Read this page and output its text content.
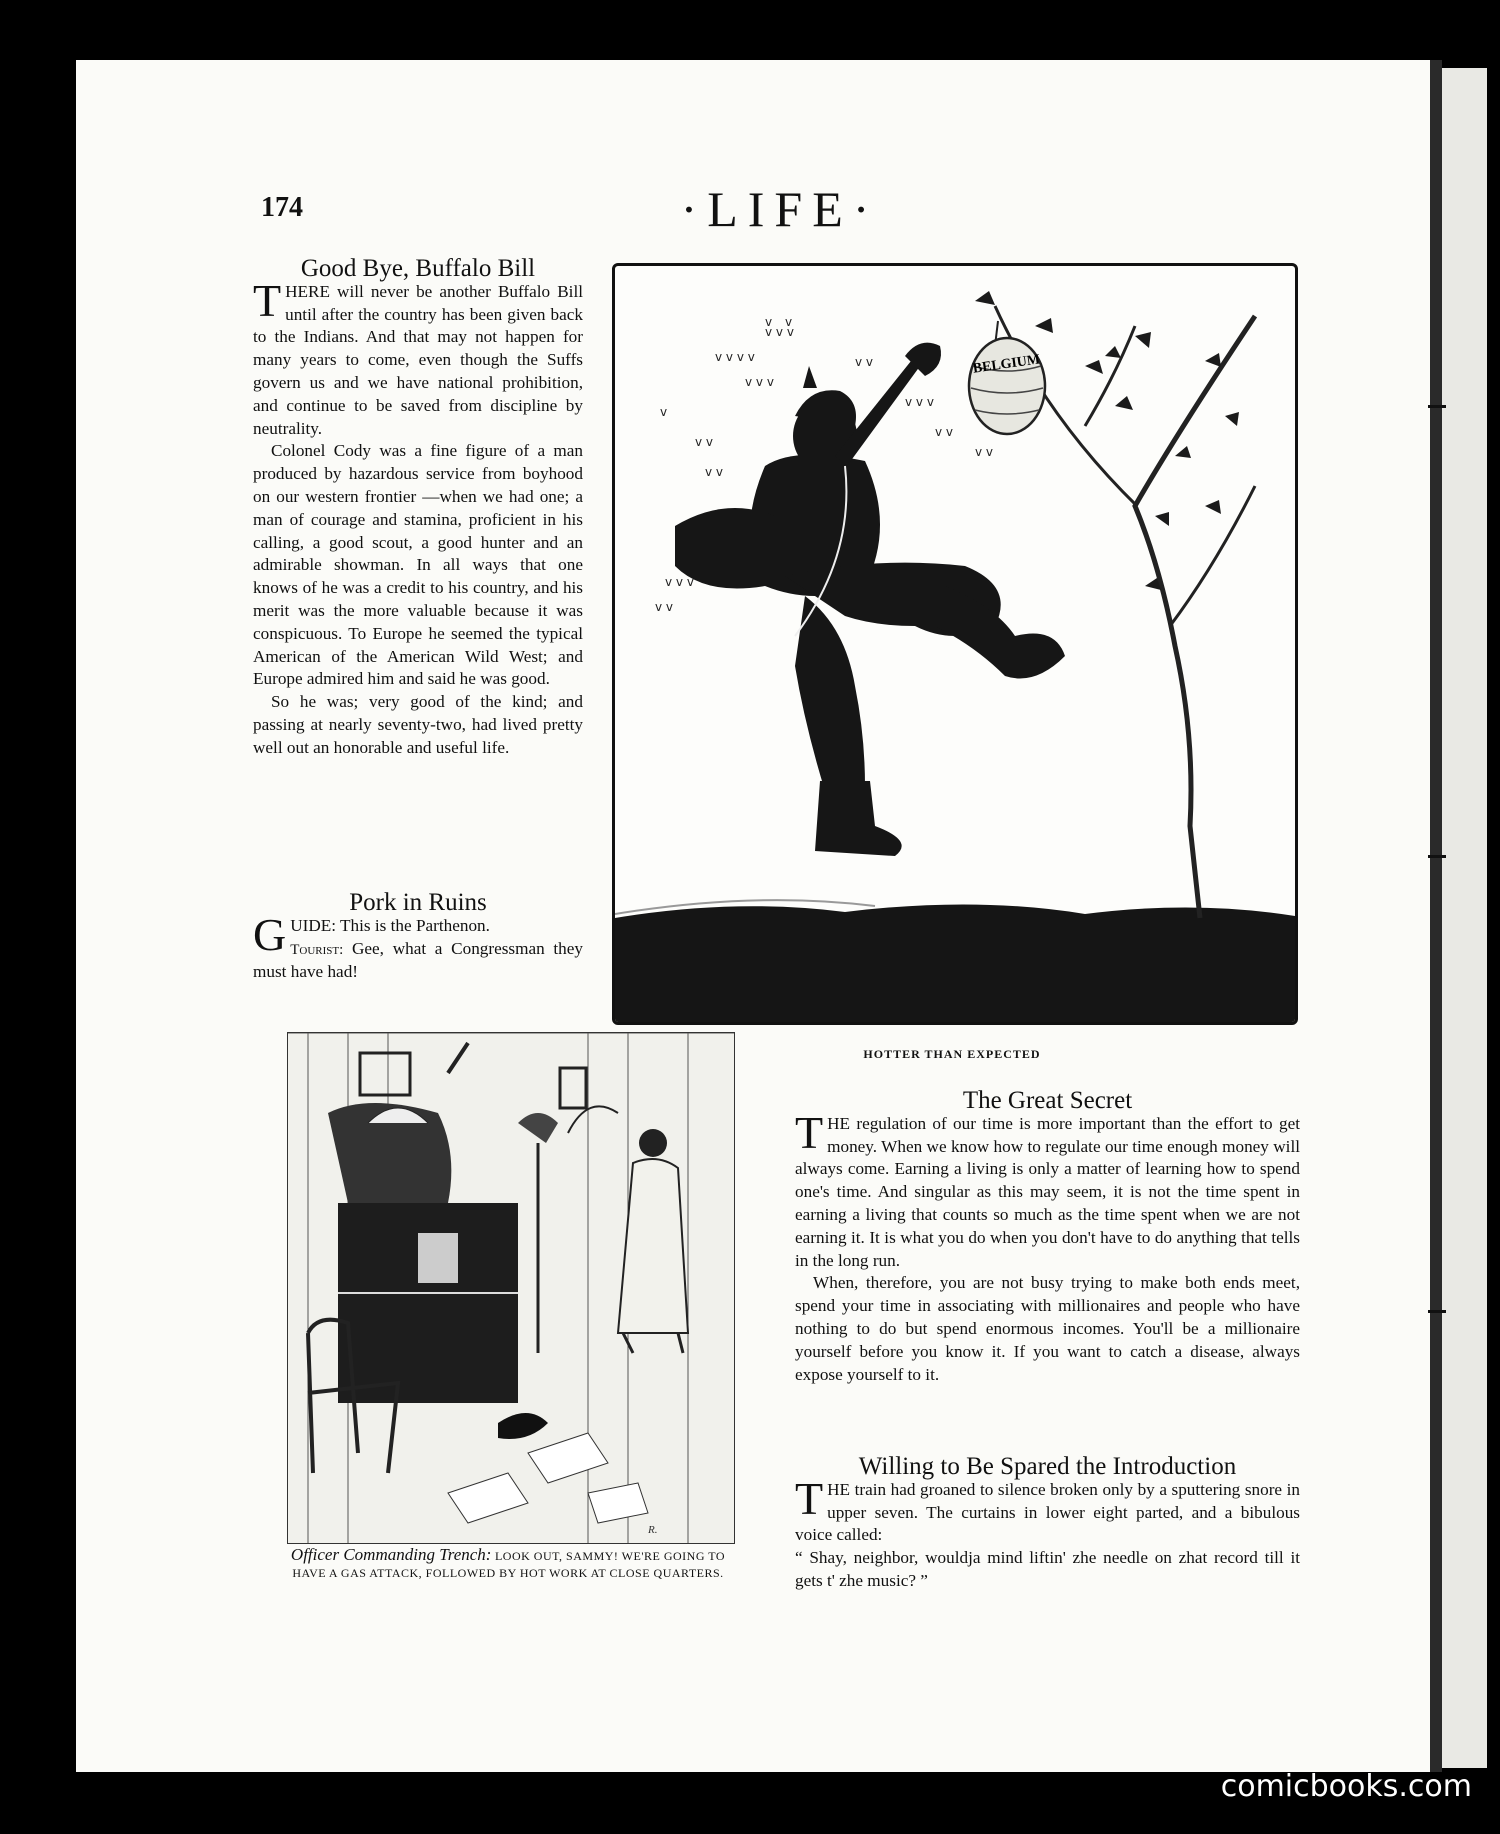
174	·LIFE·
Good Bye, Buffalo Bill

THERE will never be another Buffalo Bill until after the country has been given back to the Indians. And that may not happen for many years to come, even though the Suffs govern us and we have national prohibition, and continue to be saved from discipline by neutrality.

Colonel Cody was a fine figure of a man produced by hazardous service from boyhood on our western frontier —when we had one; a man of courage and stamina, proficient in his calling, a good scout, a good hunter and an admirable showman. In all ways that one knows of he was a credit to his country, and his merit was the more valuable because it was conspicuous. To Europe he seemed the typical American of the American Wild West; and Europe admired him and said he was good.

So he was; very good of the kind; and passing at nearly seventy-two, had lived pretty well out an honorable and useful life.

Pork in Ruins

GUIDE: This is the Parthenon.
Tourist: Gee, what a Congressman they must have had!

BELGIUM
v v v
v v v v
v v v
v
v v
v v v
v v
v v
v v
v v v
v v
v
v
v v
HOTTER THAN EXPECTED
R.
Officer Commanding Trench: LOOK OUT, SAMMY! WE'RE GOING TO HAVE A GAS ATTACK, FOLLOWED BY HOT WORK AT CLOSE QUARTERS.
The Great Secret

THE regulation of our time is more important than the effort to get money. When we know how to regulate our time enough money will always come. Earning a living is only a matter of learning how to spend one's time. And singular as this may seem, it is not the time spent in earning a living that counts so much as the time spent when we are not earning it. It is what you do when you don't have to do anything that tells in the long run.

When, therefore, you are not busy trying to make both ends meet, spend your time in associating with millionaires and people who have nothing to do but spend enormous incomes. You'll be a millionaire yourself before you know it. If you want to catch a disease, always expose yourself to it.

Willing to Be Spared the Introduction

THE train had groaned to silence broken only by a sputtering snore in upper seven. The curtains in lower eight parted, and a bibulous voice called:

“ Shay, neighbor, wouldja mind liftin' zhe needle on zhat record till it gets t' zhe music? ”

comicbooks.com
